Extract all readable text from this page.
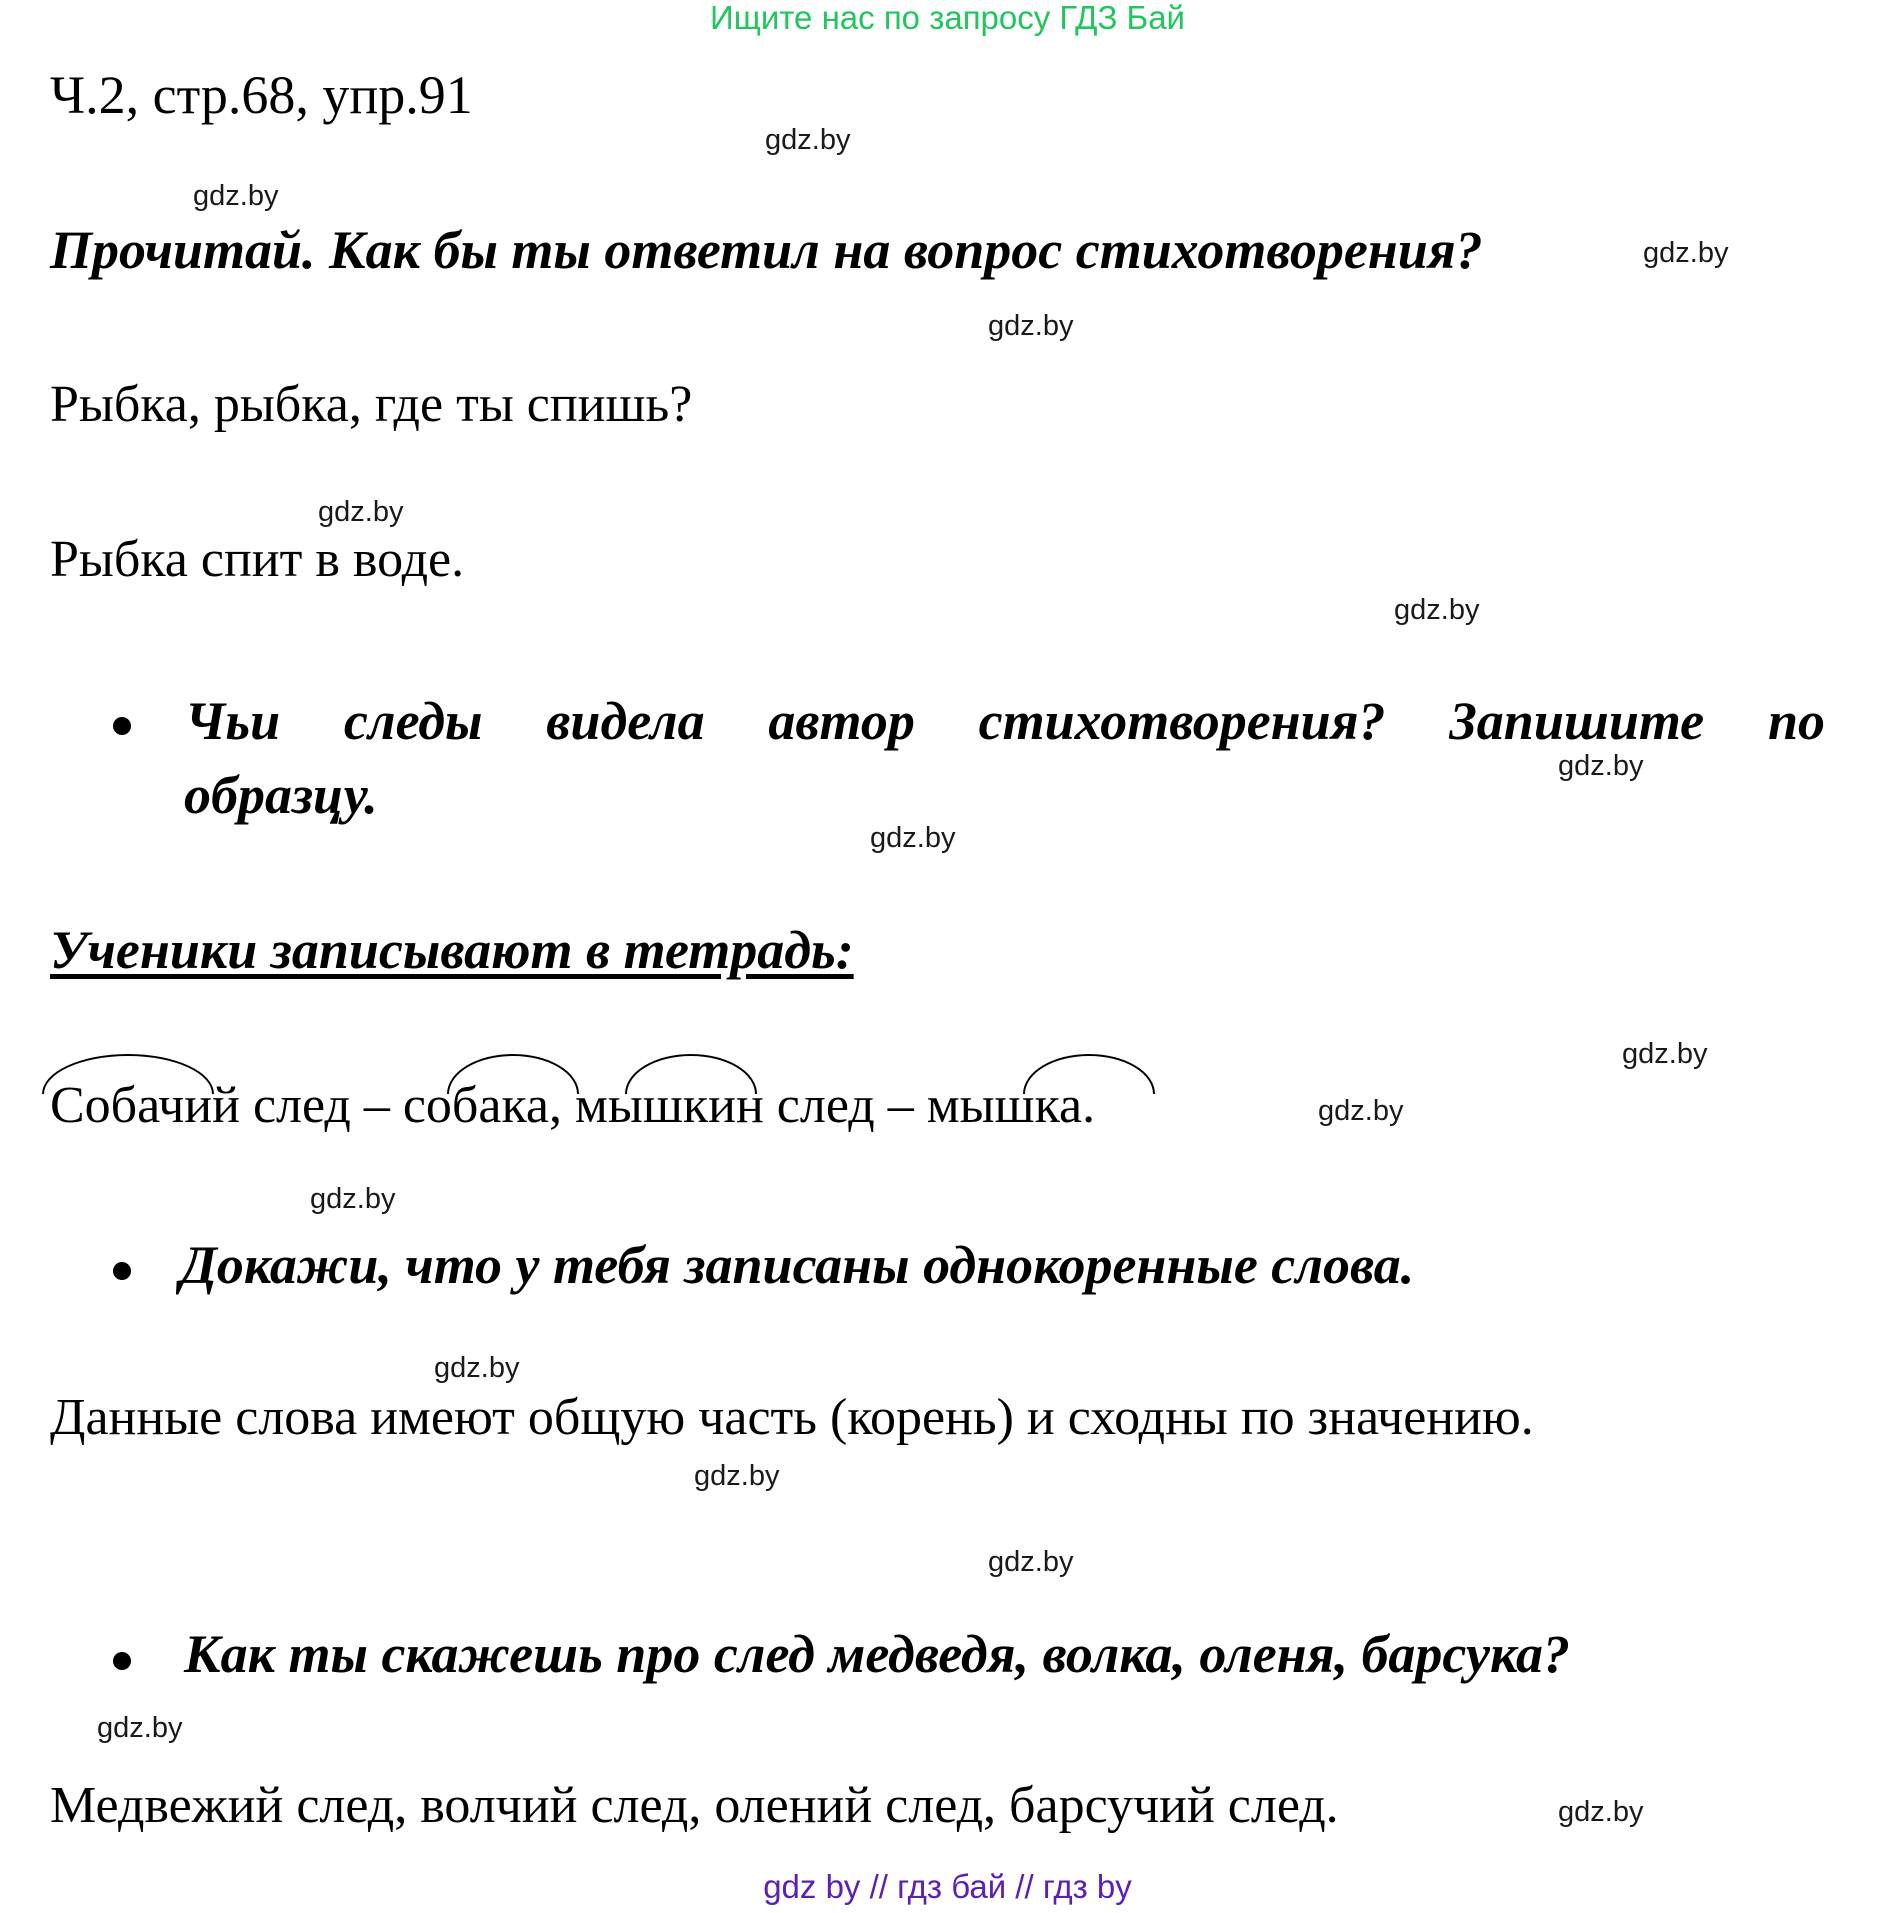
Ищите нас по запросу ГДЗ Бай
Ч.2, стр.68, упр.91
gdz.by
gdz.by
gdz.by
gdz.by
gdz.by
gdz.by
gdz.by
gdz.by
gdz.by
gdz.by
gdz.by
gdz.by
gdz.by
gdz.by
gdz.by
gdz.by
Прочитай. Как бы ты ответил на вопрос стихотворения?
Рыбка, рыбка, где ты спишь?
Рыбка спит в воде.
Чьи следы видела автор стихотворения? Запишите по
образцу.
Ученики записывают в тетрадь:
Собачий след – собака, мышкин след – мышка.
Докажи, что у тебя записаны однокоренные слова.
Данные слова имеют общую часть (корень) и сходны по значению.
Как ты скажешь про след медведя, волка, оленя, барсука?
Медвежий след, волчий след, олений след, барсучий след.
gdz by // гдз бай // гдз by
